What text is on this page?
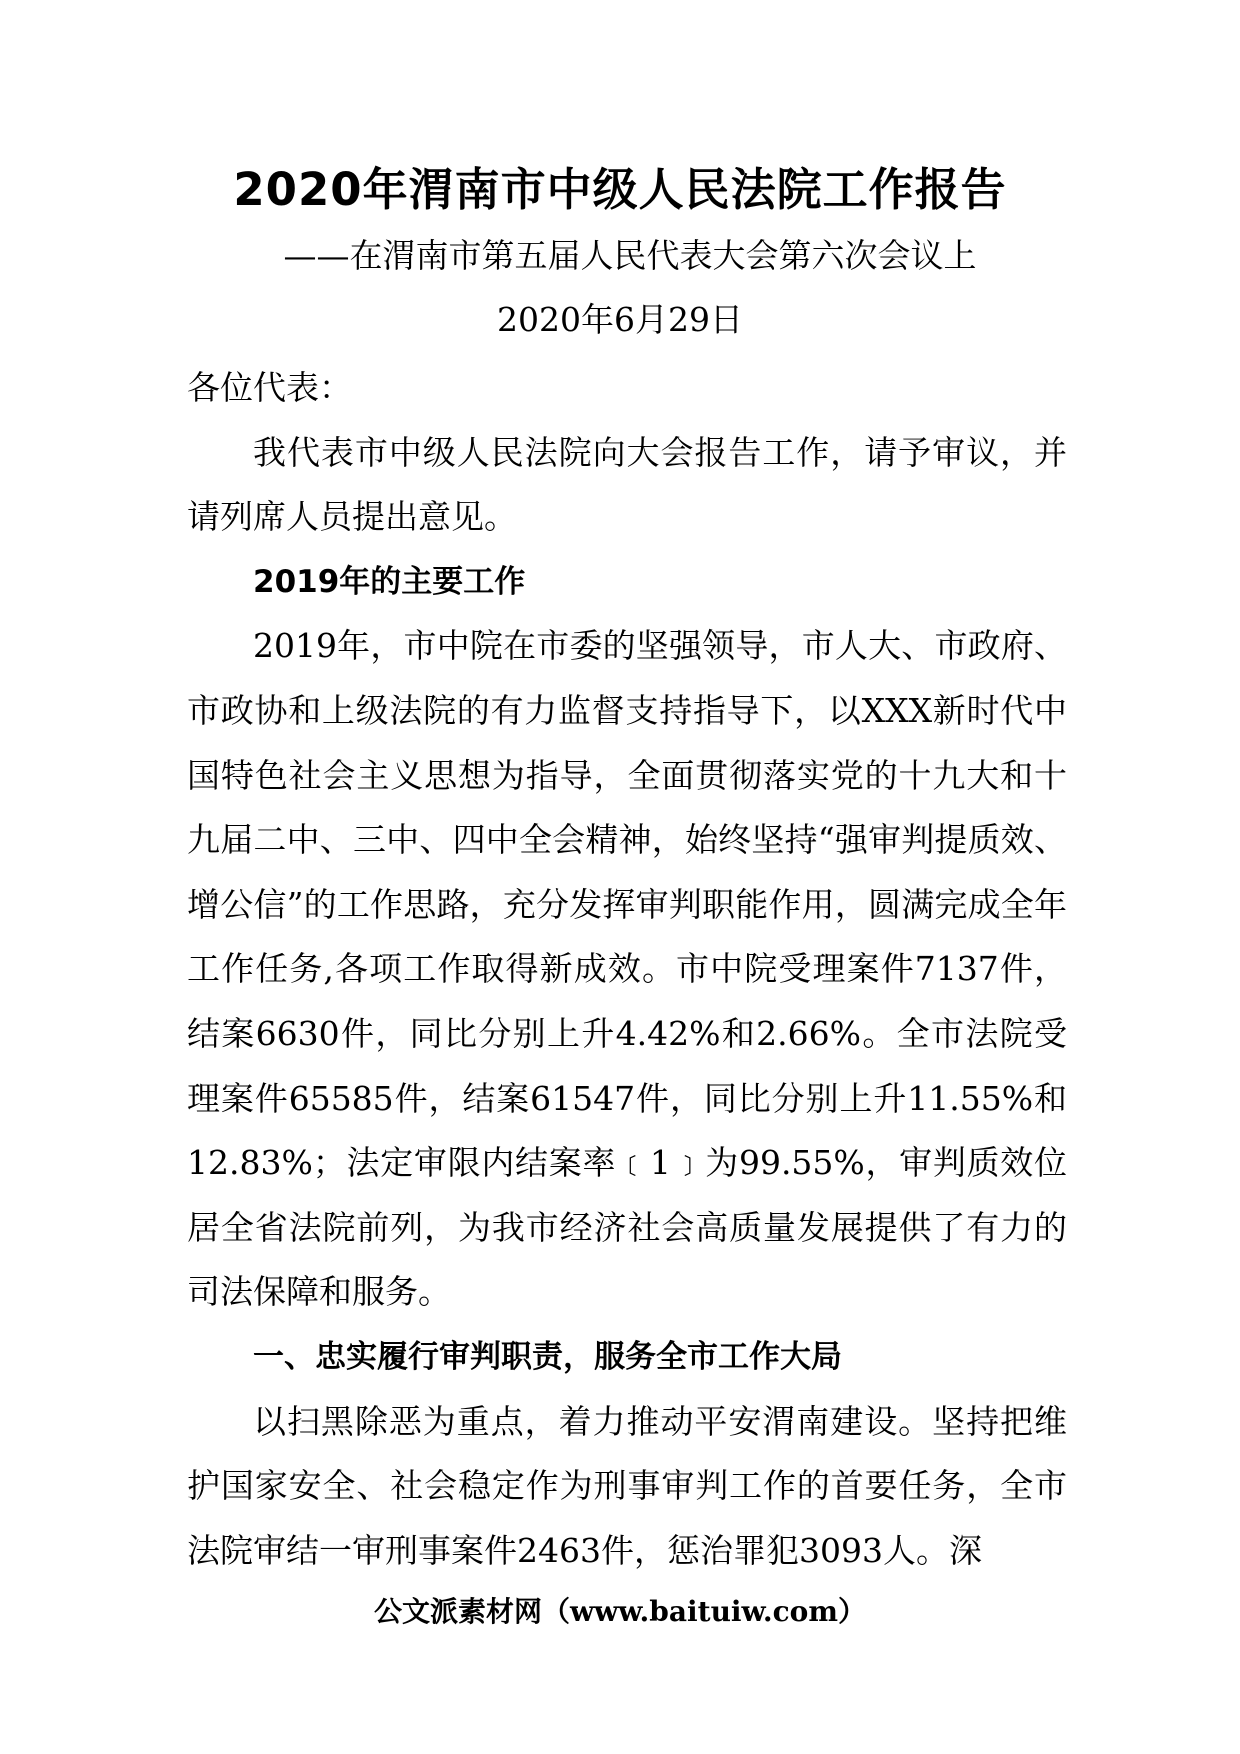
2020年渭南市中级人民法院工作报告
——在渭南市第五届人民代表大会第六次会议上
2020年6月29日

各位代表：

我代表市中级人民法院向大会报告工作，请予审议，并请列席人员提出意见。

2019年的主要工作

2019年，市中院在市委的坚强领导，市人大、市政府、市政协和上级法院的有力监督支持指导下，以XXX新时代中国特色社会主义思想为指导，全面贯彻落实党的十九大和十九届二中、三中、四中全会精神，始终坚持“强审判提质效、增公信”的工作思路，充分发挥审判职能作用，圆满完成全年工作任务,各项工作取得新成效。市中院受理案件7137件，结案6630件，同比分别上升4.42%和2.66%。全市法院受理案件65585件，结案61547件，同比分别上升11.55%和12.83%；法定审限内结案率﹝1﹞为99.55%，审判质效位居全省法院前列，为我市经济社会高质量发展提供了有力的司法保障和服务。

一、忠实履行审判职责，服务全市工作大局

以扫黑除恶为重点，着力推动平安渭南建设。坚持把维护国家安全、社会稳定作为刑事审判工作的首要任务，全市法院审结一审刑事案件2463件，惩治罪犯3093人。深

公文派素材网（www.baituiw.com）
